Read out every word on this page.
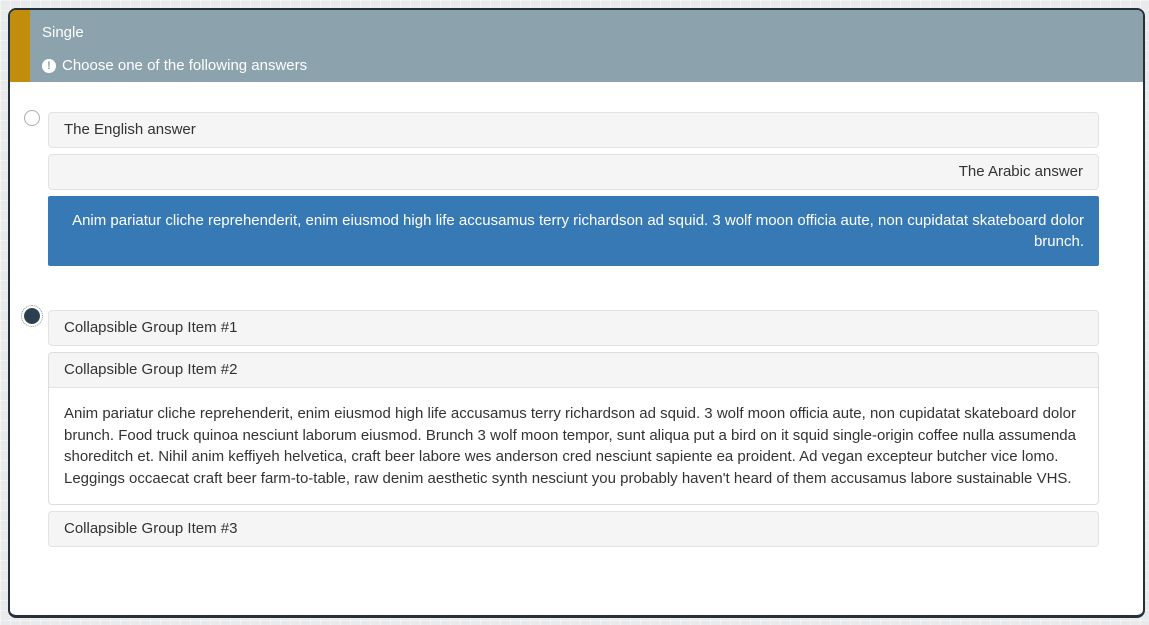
Single
! Choose one of the following answers
The English answer
The Arabic answer
Anim pariatur cliche reprehenderit, enim eiusmod high life accusamus terry richardson ad squid. 3 wolf moon officia aute, non cupidatat skateboard dolor brunch.
Collapsible Group Item #1
Collapsible Group Item #2
Anim pariatur cliche reprehenderit, enim eiusmod high life accusamus terry richardson ad squid. 3 wolf moon officia aute, non cupidatat skateboard dolor brunch. Food truck quinoa nesciunt laborum eiusmod. Brunch 3 wolf moon tempor, sunt aliqua put a bird on it squid single-origin coffee nulla assumenda shoreditch et. Nihil anim keffiyeh helvetica, craft beer labore wes anderson cred nesciunt sapiente ea proident. Ad vegan excepteur butcher vice lomo. Leggings occaecat craft beer farm-to-table, raw denim aesthetic synth nesciunt you probably haven't heard of them accusamus labore sustainable VHS.
Collapsible Group Item #3
